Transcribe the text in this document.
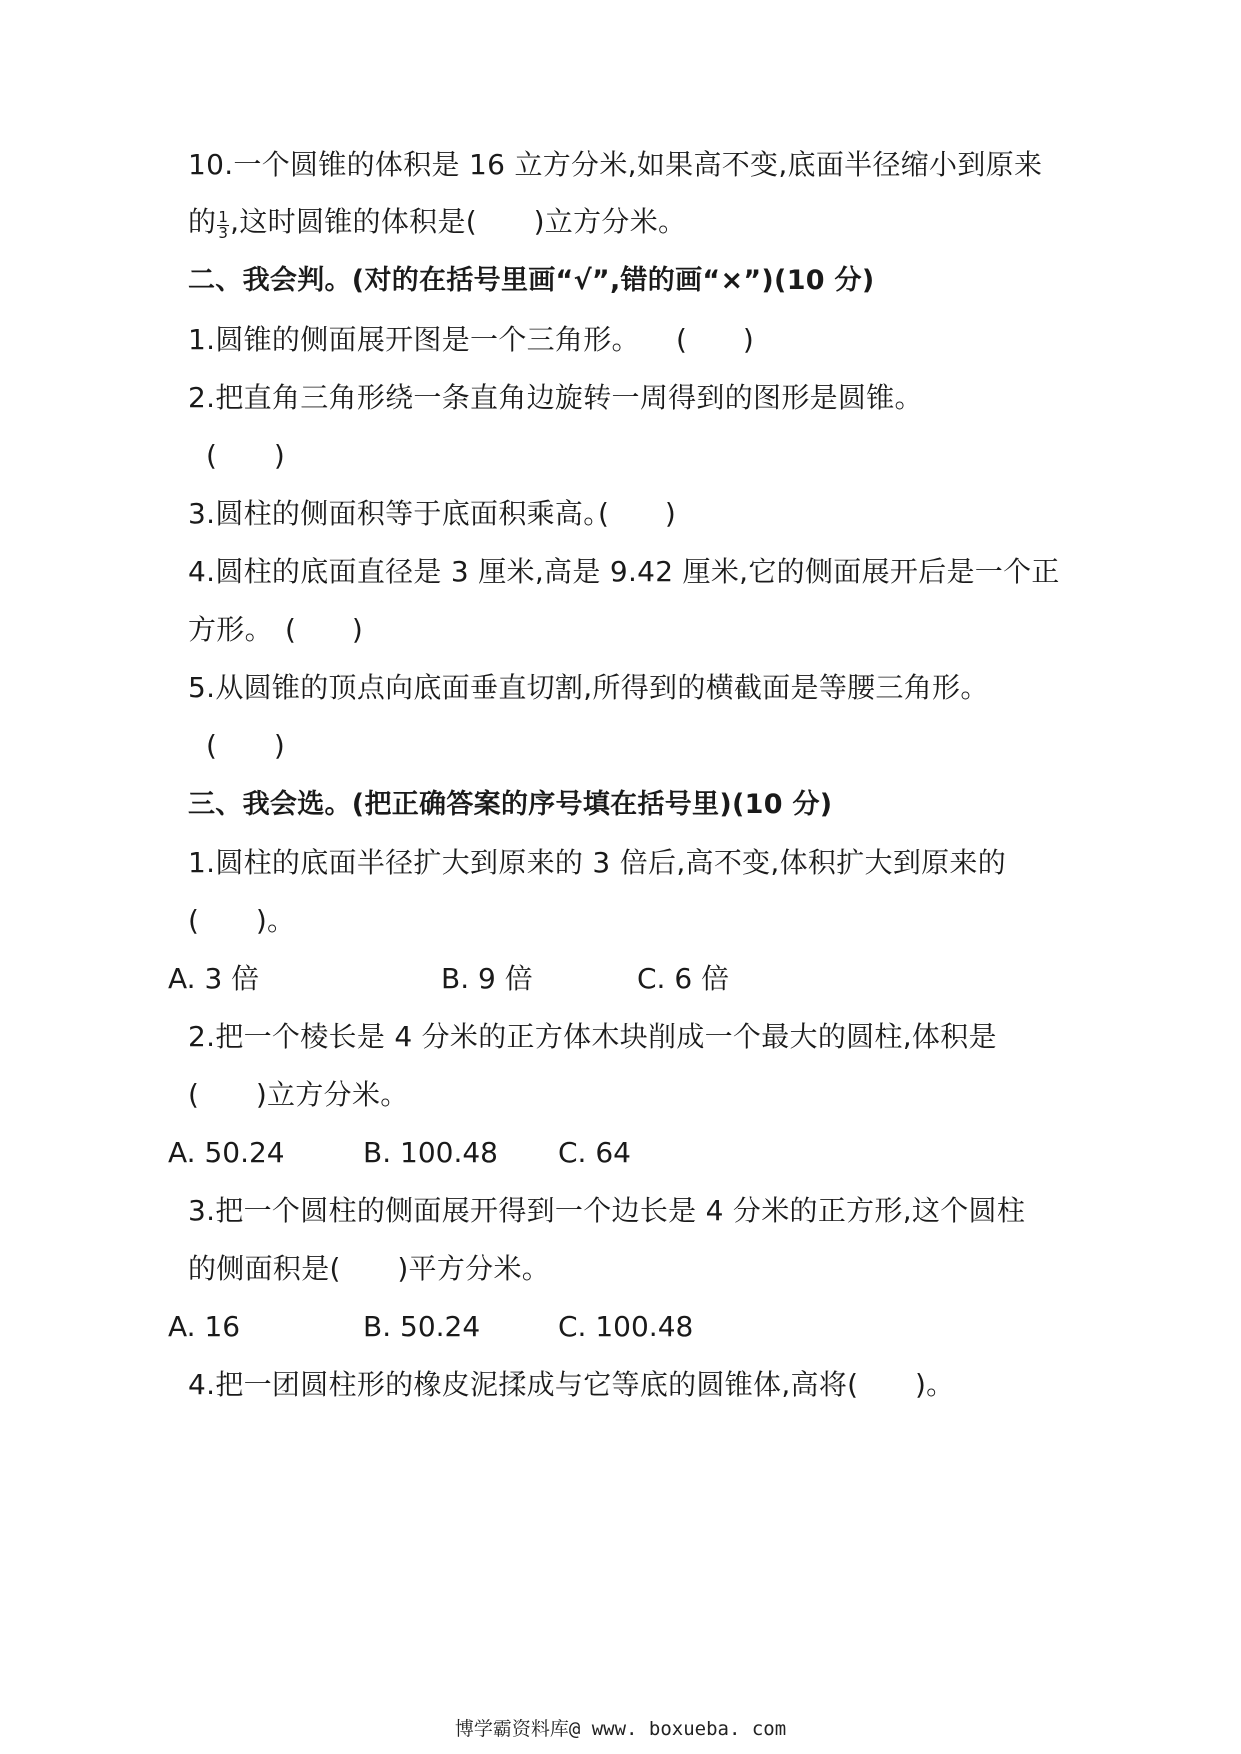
10.一个圆锥的体积是 16 立方分米,如果高不变,底面半径缩小到原来
的 $\frac{1}{3}$ ,这时圆锥的体积是(　　)立方分米。
二、我会判。(对的在括号里画“√”,错的画“×”)(10 分)
1.圆锥的侧面展开图是一个三角形。 (　　)
2.把直角三角形绕一条直角边旋转一周得到的图形是圆锥。
(　　)
3.圆柱的侧面积等于底面积乘高。
(　　)
4.圆柱的底面直径是 3 厘米,高是 9.42 厘米,它的侧面展开后是一个正
方形。 (　　)
5.从圆锥的顶点向底面垂直切割,所得到的横截面是等腰三角形。
(　　)
三、我会选。(把正确答案的序号填在括号里)(10 分)
1.圆柱的底面半径扩大到原来的 3 倍后,高不变,体积扩大到原来的
(　　)。
A. 3 倍	B. 9 倍	C. 6 倍
2.把一个棱长是 4 分米的正方体木块削成一个最大的圆柱,体积是
(　　)立方分米。
A. 50.24	B. 100.48 C. 64
3.把一个圆柱的侧面展开得到一个边长是 4 分米的正方形,这个圆柱
的侧面积是(　　)平方分米。
A. 16	B. 50.24	C. 100.48
4.把一团圆柱形的橡皮泥揉成与它等底的圆锥体,高将(　　)。
博学霸资料库@ www. boxueba. com
